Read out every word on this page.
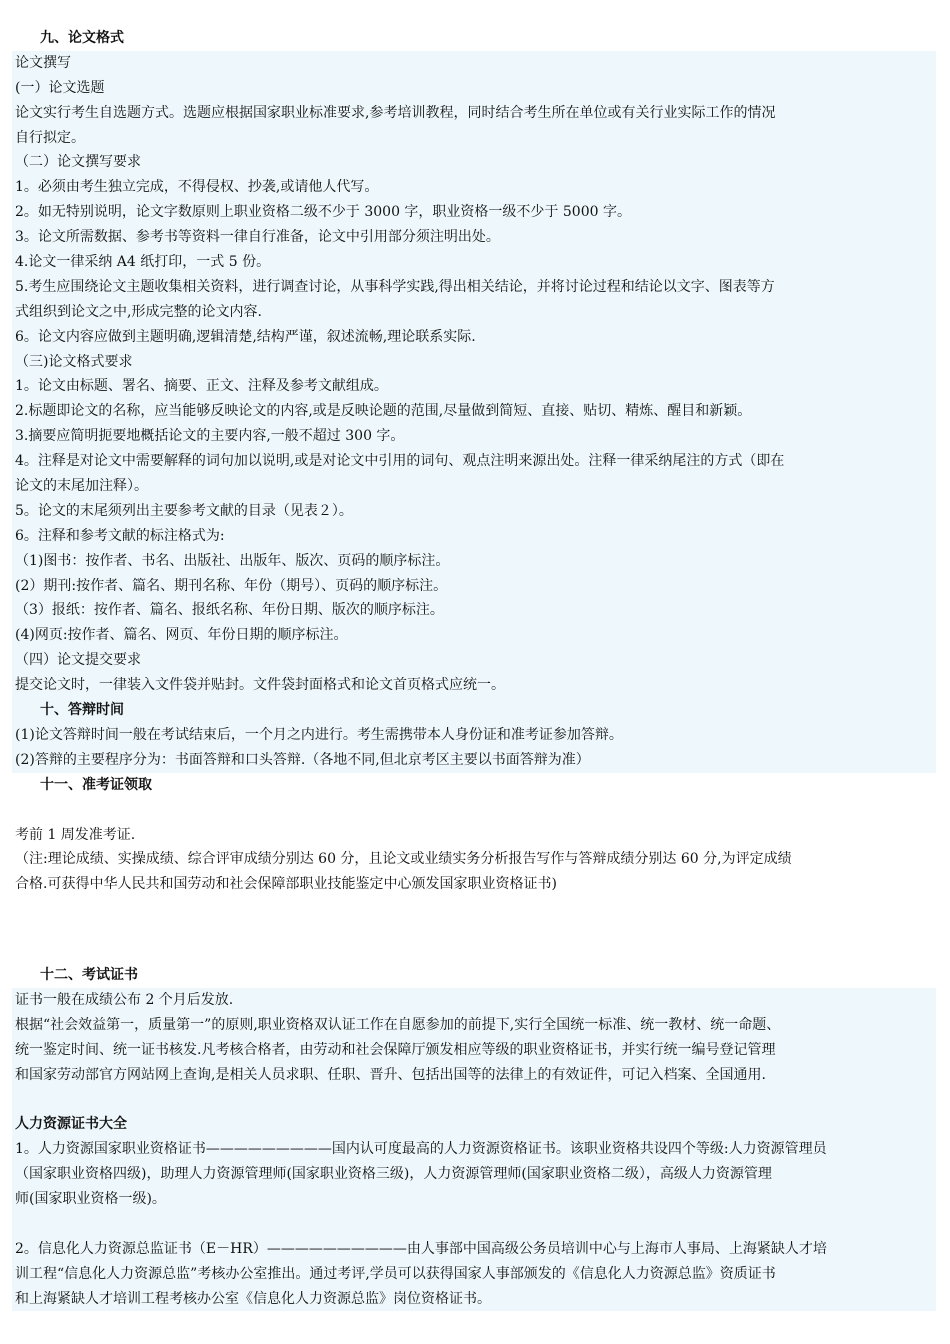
九、论文格式
论文撰写
(一）论文选题
论文实行考生自选题方式。选题应根据国家职业标准要求,参考培训教程，同时结合考生所在单位或有关行业实际工作的情况
自行拟定。
（二）论文撰写要求
1。必须由考生独立完成，不得侵权、抄袭,或请他人代写。
2。如无特别说明，论文字数原则上职业资格二级不少于 3000 字，职业资格一级不少于 5000 字。
3。论文所需数据、参考书等资料一律自行准备，论文中引用部分须注明出处。
4.论文一律采纳 A4 纸打印，一式 5 份。
5.考生应围绕论文主题收集相关资料，进行调查讨论，从事科学实践,得出相关结论，并将讨论过程和结论以文字、图表等方
式组织到论文之中,形成完整的论文内容.
6。论文内容应做到主题明确,逻辑清楚,结构严谨，叙述流畅,理论联系实际.
（三)论文格式要求
1。论文由标题、署名、摘要、正文、注释及参考文献组成。
2.标题即论文的名称，应当能够反映论文的内容,或是反映论题的范围,尽量做到简短、直接、贴切、精炼、醒目和新颖。
3.摘要应简明扼要地概括论文的主要内容,一般不超过 300 字。
4。注释是对论文中需要解释的词句加以说明,或是对论文中引用的词句、观点注明来源出处。注释一律采纳尾注的方式（即在
论文的末尾加注释）。
5。论文的末尾须列出主要参考文献的目录（见表２）。
6。注释和参考文献的标注格式为:
（1)图书：按作者、书名、出版社、出版年、版次、页码的顺序标注。
(2）期刊:按作者、篇名、期刊名称、年份（期号）、页码的顺序标注。
（3）报纸：按作者、篇名、报纸名称、年份日期、版次的顺序标注。
(4)网页:按作者、篇名、网页、年份日期的顺序标注。
（四）论文提交要求
提交论文时，一律装入文件袋并贴封。文件袋封面格式和论文首页格式应统一。
十、答辩时间
(1)论文答辩时间一般在考试结束后，一个月之内进行。考生需携带本人身份证和准考证参加答辩。
(2)答辩的主要程序分为：书面答辩和口头答辩.（各地不同,但北京考区主要以书面答辩为准）
十一、准考证领取
考前 1 周发准考证.
（注:理论成绩、实操成绩、综合评审成绩分别达 60 分，且论文或业绩实务分析报告写作与答辩成绩分别达 60 分,为评定成绩
合格.可获得中华人民共和国劳动和社会保障部职业技能鉴定中心颁发国家职业资格证书)
十二、考试证书
证书一般在成绩公布 2 个月后发放.
根据“社会效益第一，质量第一”的原则,职业资格双认证工作在自愿参加的前提下,实行全国统一标准、统一教材、统一命题、
统一鉴定时间、统一证书核发.凡考核合格者，由劳动和社会保障厅颁发相应等级的职业资格证书，并实行统一编号登记管理
和国家劳动部官方网站网上查询,是相关人员求职、任职、晋升、包括出国等的法律上的有效证件，可记入档案、全国通用.
人力资源证书大全
1。人力资源国家职业资格证书—————————国内认可度最高的人力资源资格证书。该职业资格共设四个等级:人力资源管理员
（国家职业资格四级)，助理人力资源管理师(国家职业资格三级)，人力资源管理师(国家职业资格二级），高级人力资源管理
师(国家职业资格一级)。
2。信息化人力资源总监证书（E－HR）——————————由人事部中国高级公务员培训中心与上海市人事局、上海紧缺人才培
训工程“信息化人力资源总监”考核办公室推出。通过考评,学员可以获得国家人事部颁发的《信息化人力资源总监》资质证书
和上海紧缺人才培训工程考核办公室《信息化人力资源总监》岗位资格证书。
